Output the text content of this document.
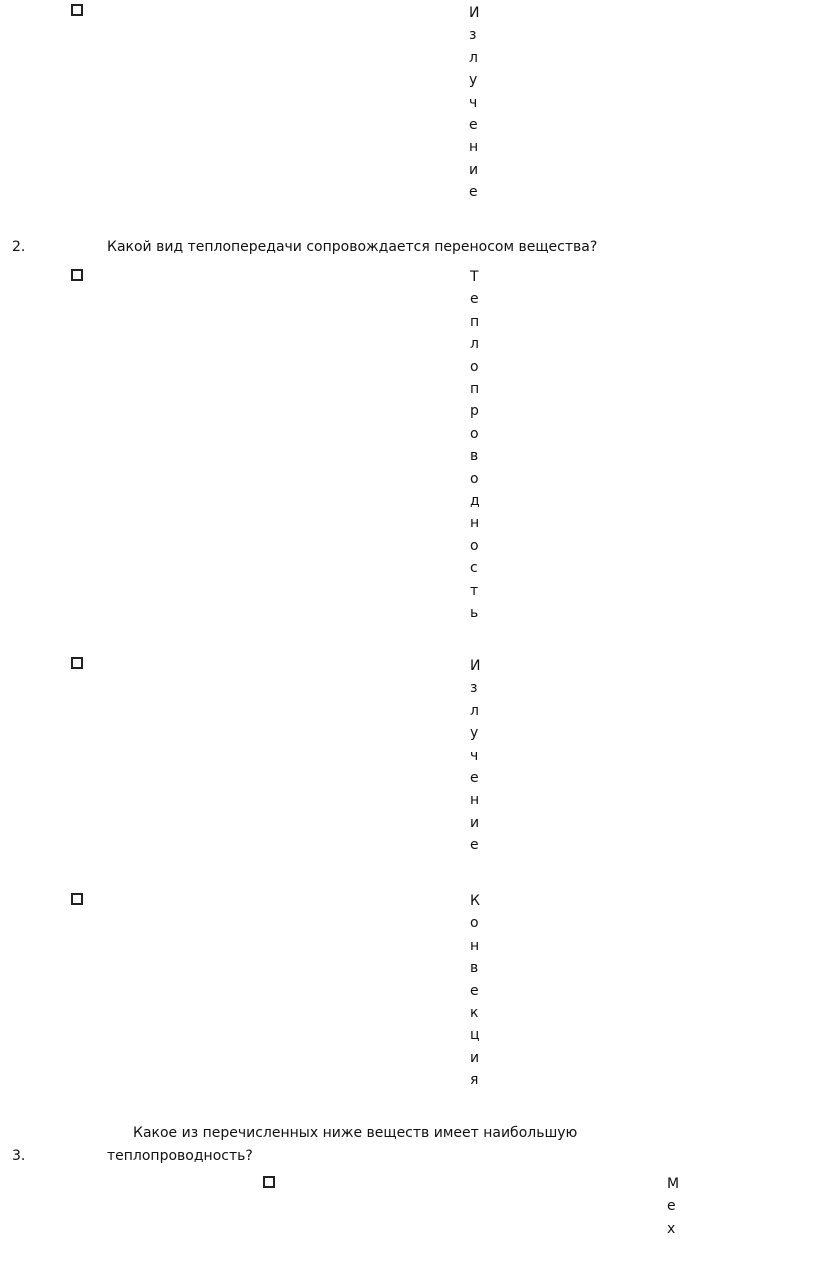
И
з
л
у
ч
е
н
и
е
2.	Какой вид теплопередачи сопровождается переносом вещества?
Т
е
п
л
о
п
р
о
в
о
д
н
о
с
т
ь
И
з
л
у
ч
е
н
и
е
К
о
н
в
е
к
ц
и
я
Какое из перечисленных ниже веществ имеет наибольшую
3.	теплопроводность?
М
е
х
